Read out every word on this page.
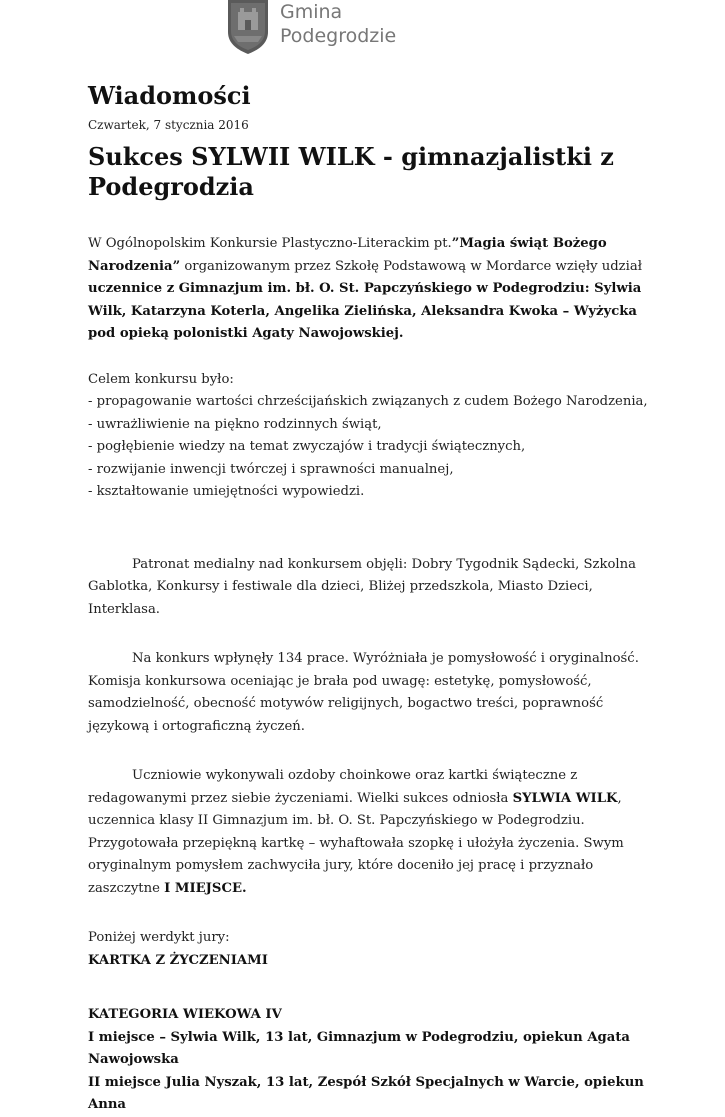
Gmina
Podegrodzie
Wiadomości
Czwartek, 7 stycznia 2016
Sukces SYLWII WILK - gimnazjalistki z Podegrodzia

W Ogólnopolskim Konkursie Plastyczno-Literackim pt.”Magia świąt Bożego Narodzenia” organizowanym przez Szkołę Podstawową w Mordarce wzięły udział uczennice z Gimnazjum im. bł. O. St. Papczyńskiego w Podegrodziu: Sylwia Wilk, Katarzyna Koterla, Angelika Zielińska, Aleksandra Kwoka – Wyżycka pod opieką polonistki Agaty Nawojowskiej.

Celem konkursu było:

- propagowanie wartości chrześcijańskich związanych z cudem Bożego Narodzenia,

- uwrażliwienie na piękno rodzinnych świąt,

- pogłębienie wiedzy na temat zwyczajów i tradycji świątecznych,

- rozwijanie inwencji twórczej i sprawności manualnej,

- kształtowanie umiejętności wypowiedzi.

Patronat medialny nad konkursem objęli: Dobry Tygodnik Sądecki, Szkolna Gablotka, Konkursy i festiwale dla dzieci, Bliżej przedszkola, Miasto Dzieci, Interklasa.

Na konkurs wpłynęły 134 prace. Wyróżniała je pomysłowość i oryginalność. Komisja konkursowa oceniając je brała pod uwagę: estetykę, pomysłowość, samodzielność, obecność motywów religijnych, bogactwo treści, poprawność językową i ortograficzną życzeń.

Uczniowie wykonywali ozdoby choinkowe oraz kartki świąteczne z redagowanymi przez siebie życzeniami. Wielki sukces odniosła SYLWIA WILK, uczennica klasy II Gimnazjum im. bł. O. St. Papczyńskiego w Podegrodziu. Przygotowała przepiękną kartkę – wyhaftowała szopkę i ułożyła życzenia. Swym oryginalnym pomysłem zachwyciła jury, które doceniło jej pracę i przyznało zaszczytne I MIEJSCE.

Poniżej werdykt jury:

KARTKA Z ŻYCZENIAMI

KATEGORIA WIEKOWA IV

I miejsce – Sylwia Wilk, 13 lat, Gimnazjum w Podegrodziu, opiekun Agata Nawojowska

II miejsce Julia Nyszak, 13 lat, Zespół Szkół Specjalnych w Warcie, opiekun Anna
